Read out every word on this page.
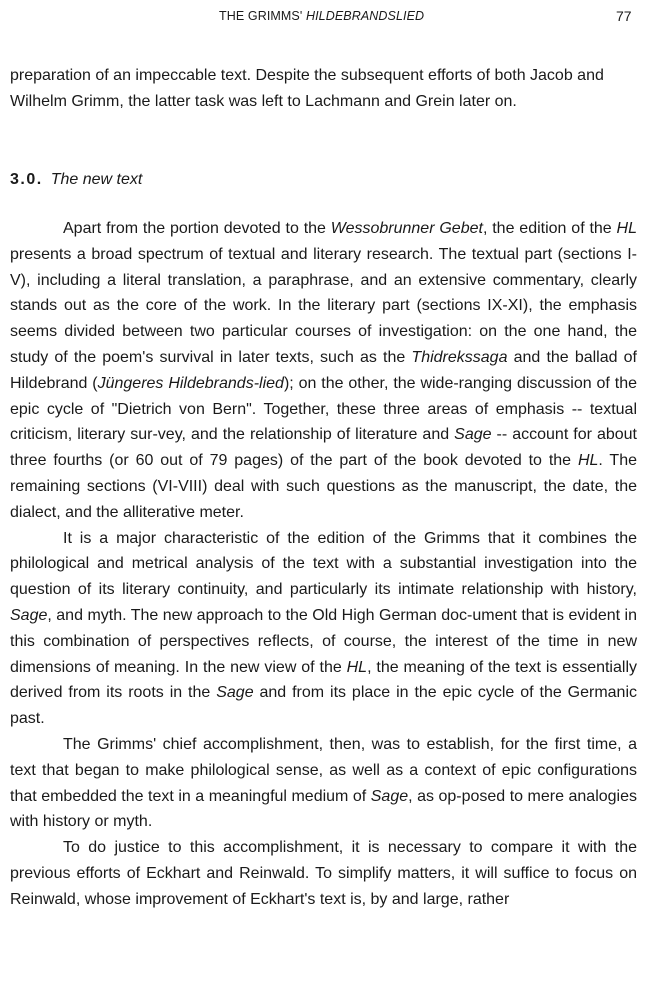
THE GRIMMS' HILDEBRANDSLIED	77

preparation of an impeccable text. Despite the subsequent efforts of both Jacob and Wilhelm Grimm, the latter task was left to Lachmann and Grein later on.

3.0. The new text

Apart from the portion devoted to the Wessobrunner Gebet, the edition of the HL presents a broad spectrum of textual and literary research. The textual part (sections I-V), including a literal translation, a paraphrase, and an extensive commentary, clearly stands out as the core of the work. In the literary part (sections IX-XI), the emphasis seems divided between two particular courses of investigation: on the one hand, the study of the poem's survival in later texts, such as the Thidrekssaga and the ballad of Hildebrand (Jüngeres Hildebrands-lied); on the other, the wide-ranging discussion of the epic cycle of "Dietrich von Bern". Together, these three areas of emphasis -- textual criticism, literary sur-vey, and the relationship of literature and Sage -- account for about three fourths (or 60 out of 79 pages) of the part of the book devoted to the HL. The remaining sections (VI-VIII) deal with such questions as the manuscript, the date, the dialect, and the alliterative meter.

It is a major characteristic of the edition of the Grimms that it combines the philological and metrical analysis of the text with a substantial investigation into the question of its literary continuity, and particularly its intimate relationship with history, Sage, and myth. The new approach to the Old High German doc-ument that is evident in this combination of perspectives reflects, of course, the interest of the time in new dimensions of meaning. In the new view of the HL, the meaning of the text is essentially derived from its roots in the Sage and from its place in the epic cycle of the Germanic past.

The Grimms' chief accomplishment, then, was to establish, for the first time, a text that began to make philological sense, as well as a context of epic configurations that embedded the text in a meaningful medium of Sage, as op-posed to mere analogies with history or myth.

To do justice to this accomplishment, it is necessary to compare it with the previous efforts of Eckhart and Reinwald. To simplify matters, it will suffice to focus on Reinwald, whose improvement of Eckhart's text is, by and large, rather
